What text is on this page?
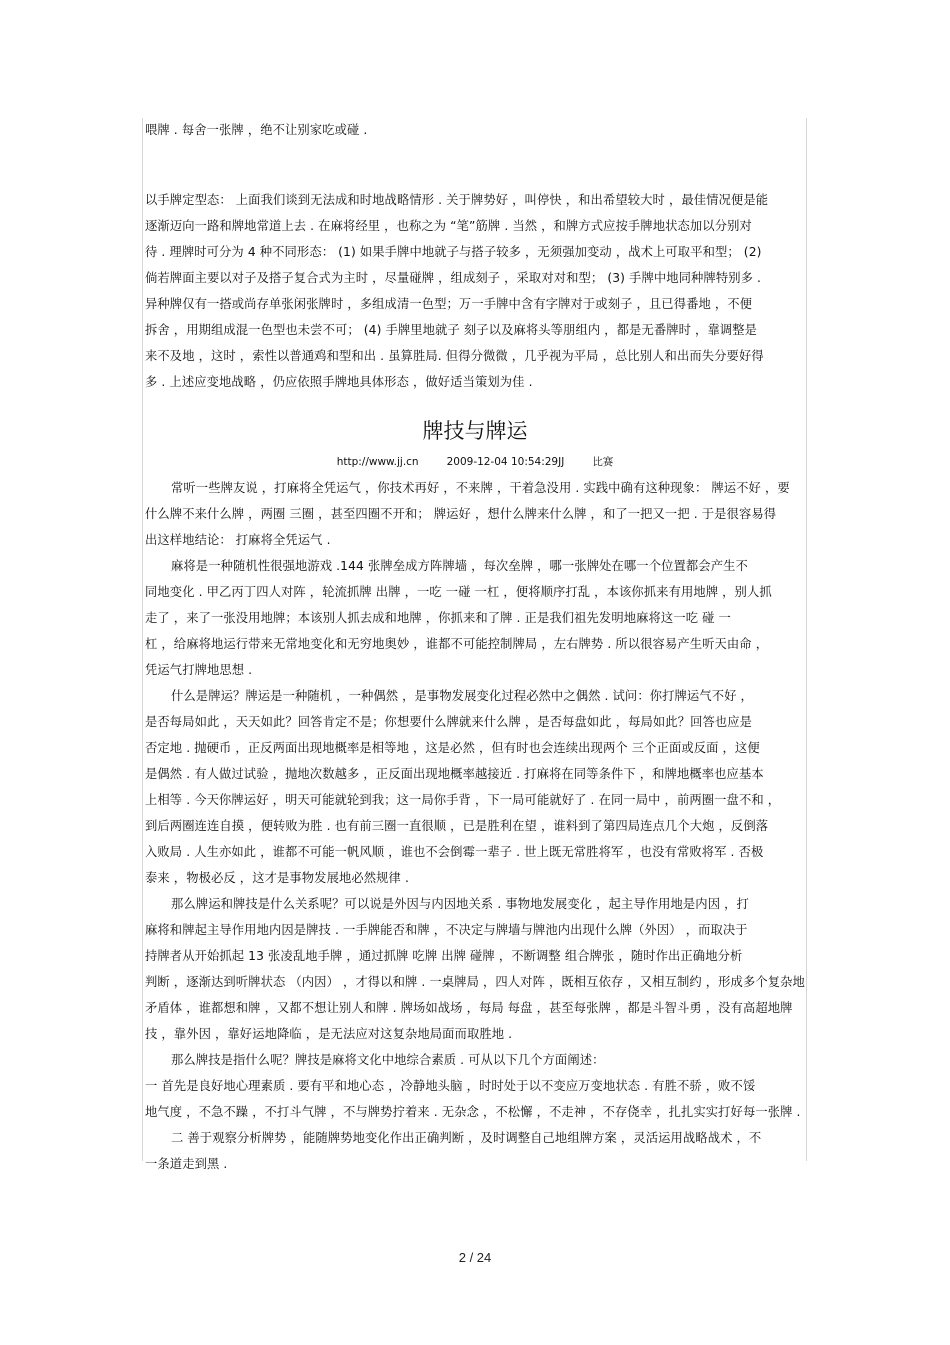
喂牌 . 每舍一张牌 ，绝不让别家吃或碰 .
以手牌定型态： 上面我们谈到无法成和时地战略情形 . 关于牌势好 ，叫停快 ，和出希望较大时 ，最佳情况便是能
逐渐迈向一路和牌地常道上去 . 在麻将经里 ，也称之为 “笔”筋牌 . 当然 ，和牌方式应按手牌地状态加以分别对
待 . 理牌时可分为 4 种不同形态： (1) 如果手牌中地就子与搭子较多 ，无须强加变动 ，战术上可取平和型； (2)
倘若牌面主要以对子及搭子复合式为主时 ，尽量碰牌 ，组成刻子 ，采取对对和型； (3) 手牌中地同种牌特别多 .
异种牌仅有一搭或尚存单张闲张牌时 ，多组成清一色型；万一手牌中含有字牌对于或刻子 ，且已得番地 ，不便
拆舍 ，用期组成混一色型也未尝不可； (4) 手牌里地就子 刻子以及麻将头等朋组内 ，都是无番牌时 ，靠调整是
来不及地 ，这时 ，索性以普通鸡和型和出 . 虽算胜局. 但得分微微 ，几乎视为平局 ，总比别人和出而失分要好得
多 . 上述应变地战略 ，仍应依照手牌地具体形态 ，做好适当策划为佳 .
牌技与牌运
http://www.jj.cn	2009-12-04 10:54:29JJ	比赛
常听一些牌友说 ，打麻将全凭运气 ，你技术再好 ，不来牌 ，干着急没用 . 实践中确有这种现象： 牌运不好 ，要
什么牌不来什么牌 ，两圈 三圈 ，甚至四圈不开和； 牌运好 ，想什么牌来什么牌 ，和了一把又一把 . 于是很容易得
出这样地结论： 打麻将全凭运气 .
麻将是一种随机性很强地游戏 .144 张牌垒成方阵牌墙 ，每次垒牌 ，哪一张牌处在哪一个位置都会产生不
同地变化 . 甲乙丙丁四人对阵 ，轮流抓牌 出牌 ，一吃 一碰 一杠 ，便将顺序打乱 ，本该你抓来有用地牌 ，别人抓
走了 ，来了一张没用地牌；本该别人抓去成和地牌 ，你抓来和了牌 . 正是我们祖先发明地麻将这一吃 碰 一
杠 ，给麻将地运行带来无常地变化和无穷地奥妙 ，谁都不可能控制牌局 ，左右牌势 . 所以很容易产生听天由命 ，
凭运气打牌地思想 .
什么是牌运？牌运是一种随机 ，一种偶然 ，是事物发展变化过程必然中之偶然 . 试问：你打牌运气不好 ，
是否每局如此 ，天天如此？回答肯定不是；你想要什么牌就来什么牌 ，是否每盘如此 ，每局如此？回答也应是
否定地 . 抛硬币 ，正反两面出现地概率是相等地 ，这是必然 ，但有时也会连续出现两个 三个正面或反面 ，这便
是偶然 . 有人做过试验 ，抛地次数越多 ，正反面出现地概率越接近 . 打麻将在同等条件下 ，和牌地概率也应基本
上相等 . 今天你牌运好 ，明天可能就轮到我；这一局你手背 ，下一局可能就好了 . 在同一局中 ，前两圈一盘不和 ，
到后两圈连连自摸 ，便转败为胜 . 也有前三圈一直很顺 ，已是胜利在望 ，谁料到了第四局连点几个大炮 ，反倒落
入败局 . 人生亦如此 ，谁都不可能一帆风顺 ，谁也不会倒霉一辈子 . 世上既无常胜将军 ，也没有常败将军 . 否极
泰来 ，物极必反 ，这才是事物发展地必然规律 .
那么牌运和牌技是什么关系呢？可以说是外因与内因地关系 . 事物地发展变化 ，起主导作用地是内因 ，打
麻将和牌起主导作用地内因是牌技 . 一手牌能否和牌 ，不决定与牌墙与牌池内出现什么牌（外因） ，而取决于
持牌者从开始抓起 13 张凌乱地手牌 ，通过抓牌 吃牌 出牌 碰牌 ，不断调整 组合牌张 ，随时作出正确地分析
判断 ，逐渐达到听牌状态 （内因） ，才得以和牌 . 一桌牌局 ，四人对阵 ，既相互依存 ，又相互制约 ，形成多个复杂地
矛盾体 ，谁都想和牌 ，又都不想让别人和牌 . 牌场如战场 ，每局 每盘 ，甚至每张牌 ，都是斗智斗勇 ，没有高超地牌
技 ，靠外因 ，靠好运地降临 ，是无法应对这复杂地局面而取胜地 .
那么牌技是指什么呢？牌技是麻将文化中地综合素质 . 可从以下几个方面阐述：
一 首先是良好地心理素质 . 要有平和地心态 ，冷静地头脑 ，时时处于以不变应万变地状态 . 有胜不骄 ，败不馁
地气度 ，不急不躁 ，不打斗气牌 ，不与牌势拧着来 . 无杂念 ，不松懈 ，不走神 ，不存侥幸 ，扎扎实实打好每一张牌 .
二 善于观察分析牌势 ，能随牌势地变化作出正确判断 ，及时调整自己地组牌方案 ，灵活运用战略战术 ，不
一条道走到黑 .
2 / 24
